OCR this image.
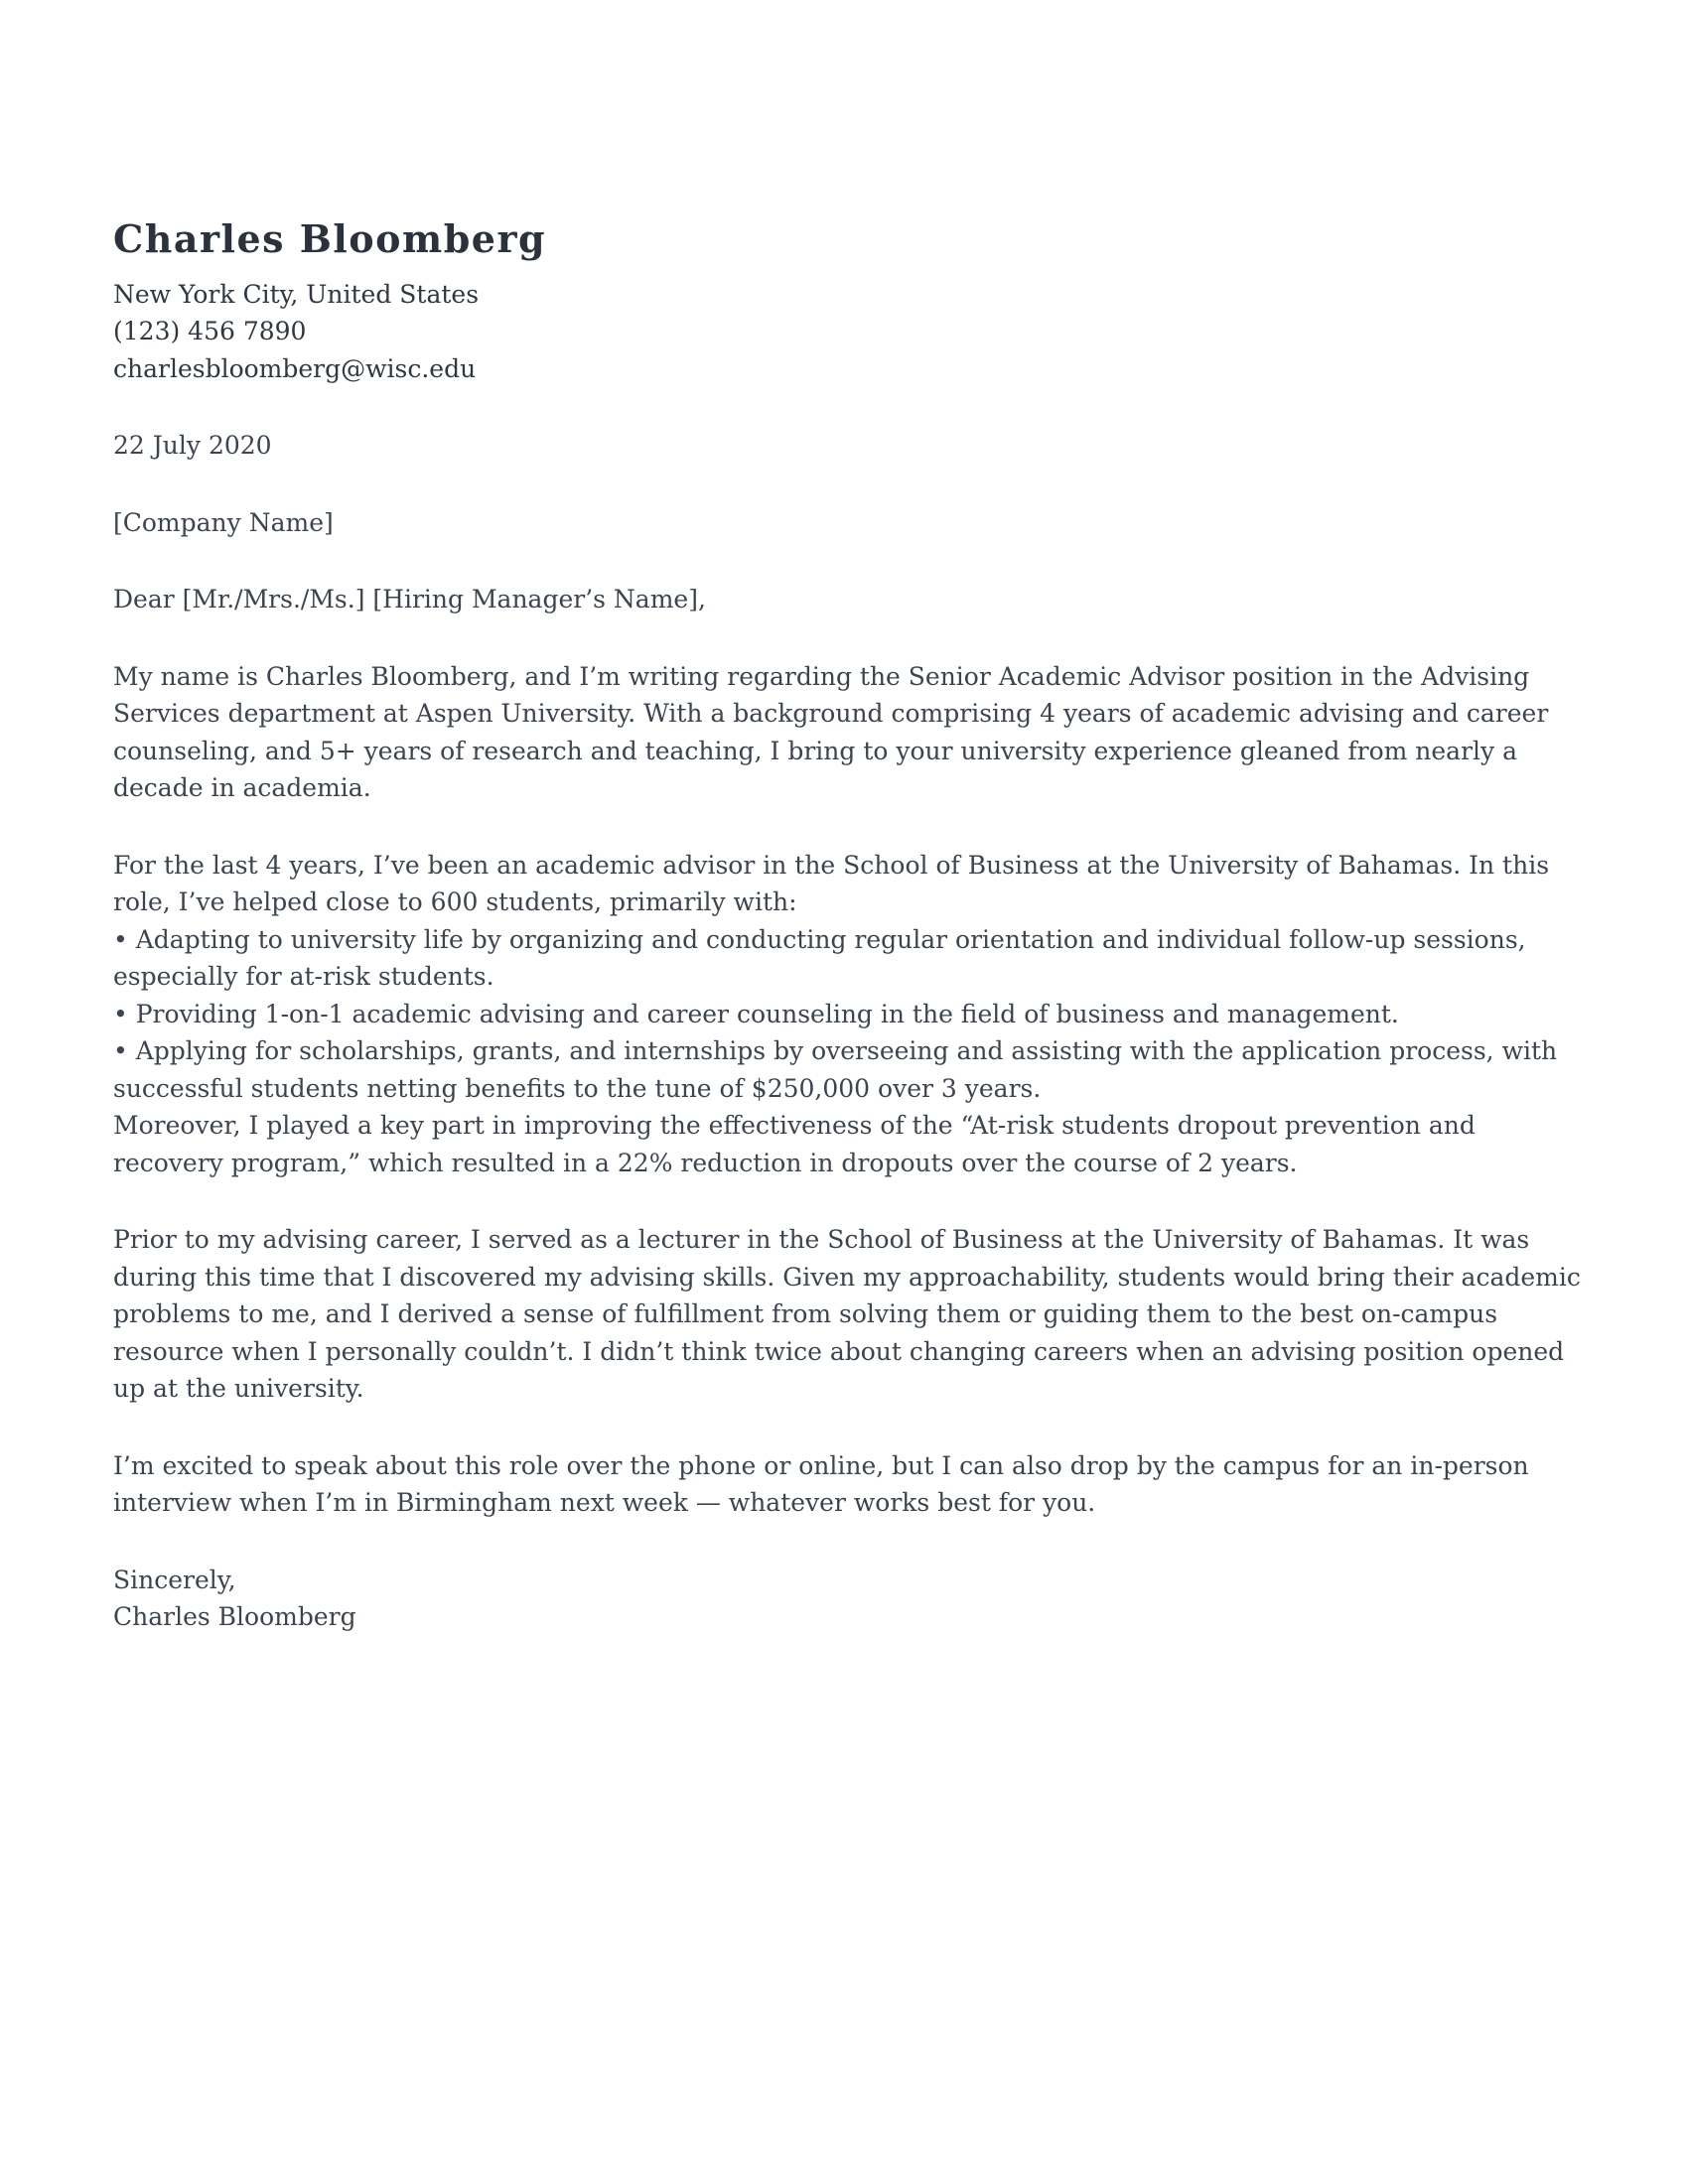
Charles Bloomberg
New York City, United States
(123) 456 7890
charlesbloomberg@wisc.edu
22 July 2020
[Company Name]
Dear [Mr./Mrs./Ms.] [Hiring Manager’s Name],

My name is Charles Bloomberg, and I’m writing regarding the Senior Academic Advisor position in the Advising Services department at Aspen University. With a background comprising 4 years of academic advising and career counseling, and 5+ years of research and teaching, I bring to your university experience gleaned from nearly a decade in academia.

For the last 4 years, I’ve been an academic advisor in the School of Business at the University of Bahamas. In this role, I’ve helped close to 600 students, primarily with:

• Adapting to university life by organizing and conducting regular orientation and individual follow-up sessions, especially for at-risk students.

• Providing 1-on-1 academic advising and career counseling in the field of business and management.

• Applying for scholarships, grants, and internships by overseeing and assisting with the application process, with successful students netting benefits to the tune of $250,000 over 3 years.

Moreover, I played a key part in improving the effectiveness of the “At-risk students dropout prevention and recovery program,” which resulted in a 22% reduction in dropouts over the course of 2 years.

Prior to my advising career, I served as a lecturer in the School of Business at the University of Bahamas. It was during this time that I discovered my advising skills. Given my approachability, students would bring their academic problems to me, and I derived a sense of fulfillment from solving them or guiding them to the best on-campus resource when I personally couldn’t. I didn’t think twice about changing careers when an advising position opened up at the university.

I’m excited to speak about this role over the phone or online, but I can also drop by the campus for an in-person interview when I’m in Birmingham next week — whatever works best for you.

Sincerely,
Charles Bloomberg
